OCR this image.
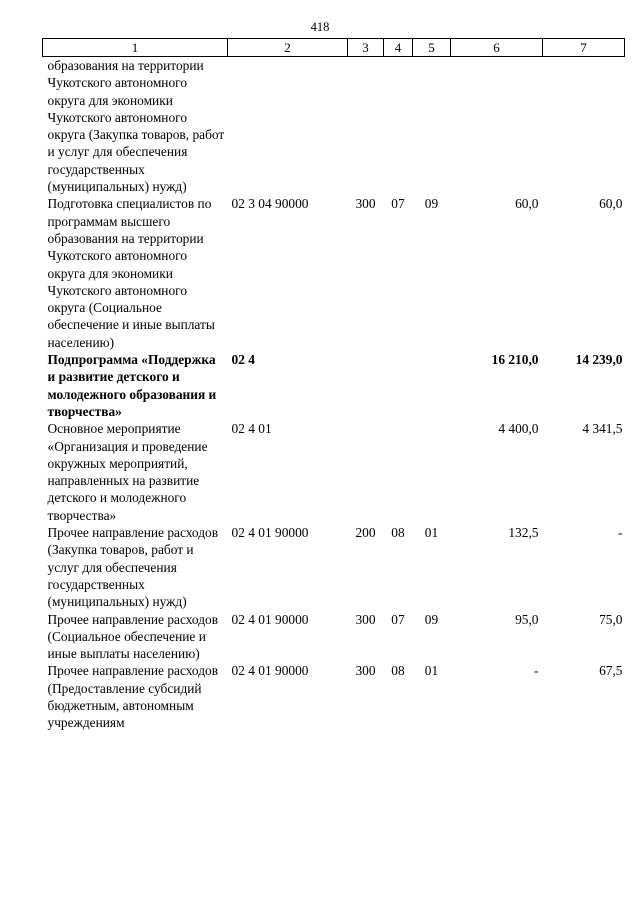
418
1	2	3	4	5	6	7
образования на территории Чукотского автономного округа для экономики Чукотского автономного округа (Закупка товаров, работ и услуг для обеспечения государственных (муниципальных) нужд)						
Подготовка специалистов по программам высшего образования на территории Чукотского автономного округа для экономики Чукотского автономного округа (Социальное обеспечение и иные выплаты населению)	02 3 04 90000	300	07	09	60,0	60,0
Подпрограмма «Поддержка и развитие детского и молодежного образования и творчества»	02 4				16 210,0	14 239,0
Основное мероприятие «Организация и проведение окружных мероприятий, направленных на развитие детского и молодежного творчества»	02 4 01				4 400,0	4 341,5
Прочее направление расходов (Закупка товаров, работ и услуг для обеспечения государственных (муниципальных) нужд)	02 4 01 90000	200	08	01	132,5	-
Прочее направление расходов (Социальное обеспечение и иные выплаты населению)	02 4 01 90000	300	07	09	95,0	75,0
Прочее направление расходов (Предоставление субсидий бюджетным, автономным учреждениям	02 4 01 90000	300	08	01	-	67,5
